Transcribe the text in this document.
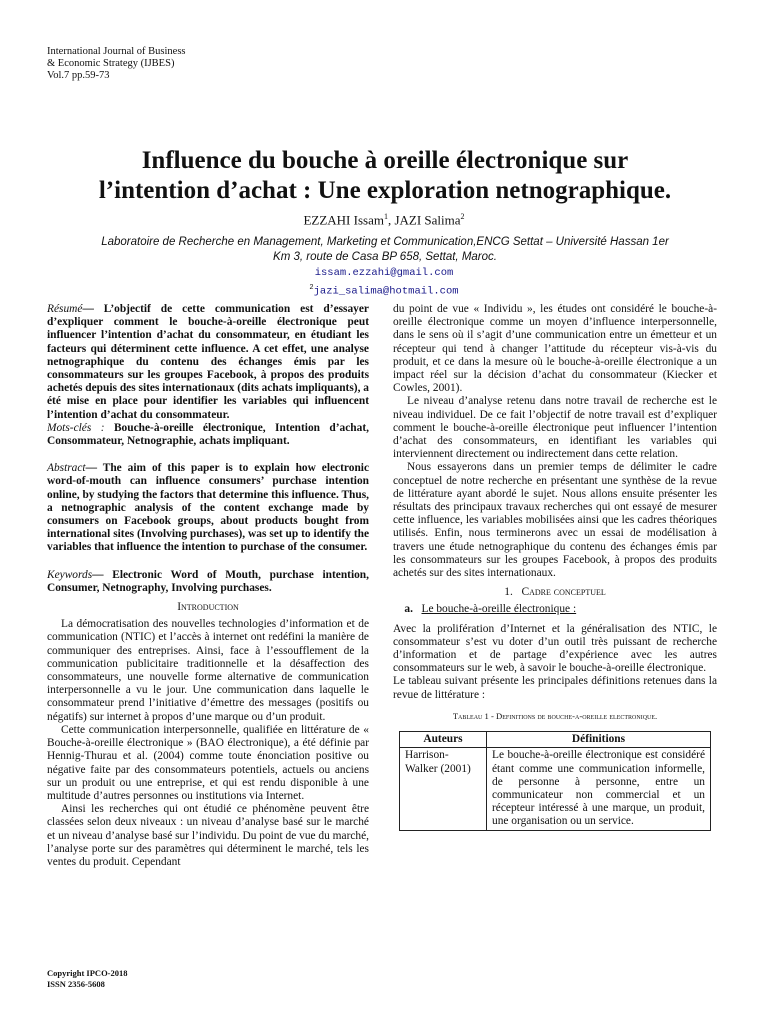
International Journal of Business
& Economic Strategy (IJBES)
Vol.7 pp.59-73
Influence du bouche à oreille électronique sur
l’intention d’achat : Une exploration netnographique.
EZZAHI Issam$^1$, JAZI Salima$^2$
Laboratoire de Recherche en Management, Marketing et Communication,ENCG Settat – Université Hassan 1er
Km 3, route de Casa BP 658, Settat, Maroc.
issam.ezzahi@gmail.com
$^2$jazi_salima@hotmail.com

Résumé— L’objectif de cette communication est d’essayer d’expliquer comment le bouche-à-oreille électronique peut influencer l’intention d’achat du consommateur, en étudiant les facteurs qui déterminent cette influence. A cet effet, une analyse netnographique du contenu des échanges émis par les consommateurs sur les groupes Facebook, à propos des produits achetés depuis des sites internationaux (dits achats impliquants), a été mise en place pour identifier les variables qui influencent l’intention d’achat du consommateur.

Mots-clés : Bouche-à-oreille électronique, Intention d’achat, Consommateur, Netnographie, achats impliquant.

Abstract— The aim of this paper is to explain how electronic word-of-mouth can influence consumers’ purchase intention online, by studying the factors that determine this influence. Thus, a netnographic analysis of the content exchange made by consumers on Facebook groups, about products bought from international sites (Involving purchases), was set up to identify the variables that influence the intention to purchase of the consumer.

Keywords— Electronic Word of Mouth, purchase intention, Consumer, Netnography, Involving purchases.

Introduction

La démocratisation des nouvelles technologies d’information et de communication (NTIC) et l’accès à internet ont redéfini la manière de communiquer des entreprises. Ainsi, face à l’essoufflement de la communication publicitaire traditionnelle et la désaffection des consommateurs, une nouvelle forme alternative de communication interpersonnelle a vu le jour. Une communication dans laquelle le consommateur prend l’initiative d’émettre des messages (positifs ou négatifs) sur internet à propos d’une marque ou d’un produit.

Cette communication interpersonnelle, qualifiée en littérature de « Bouche-à-oreille électronique » (BAO électronique), a été définie par Hennig-Thurau et al. (2004) comme toute énonciation positive ou négative faite par des consommateurs potentiels, actuels ou anciens sur un produit ou une entreprise, et qui est rendu disponible à une multitude d’autres personnes ou institutions via Internet.

Ainsi les recherches qui ont étudié ce phénomène peuvent être classées selon deux niveaux : un niveau d’analyse basé sur le marché et un niveau d’analyse basé sur l’individu. Du point de vue du marché, l’analyse porte sur des paramètres qui déterminent le marché, tels les ventes du produit. Cependant

du point de vue « Individu », les études ont considéré le bouche-à-oreille électronique comme un moyen d’influence interpersonnelle, dans le sens où il s’agit d’une communication entre un émetteur et un récepteur qui tend à changer l’attitude du récepteur vis-à-vis du produit, et ce dans la mesure où le bouche-à-oreille électronique a un impact réel sur la décision d’achat du consommateur (Kiecker et Cowles, 2001).

Le niveau d’analyse retenu dans notre travail de recherche est le niveau individuel. De ce fait l’objectif de notre travail est d’expliquer comment le bouche-à-oreille électronique peut influencer l’intention d’achat des consommateurs, en identifiant les variables qui interviennent directement ou indirectement dans cette relation.

Nous essayerons dans un premier temps de délimiter le cadre conceptuel de notre recherche en présentant une synthèse de la revue de littérature ayant abordé le sujet. Nous allons ensuite présenter les résultats des principaux travaux recherches qui ont essayé de mesurer cette influence, les variables mobilisées ainsi que les cadres théoriques utilisés. Enfin, nous terminerons avec un essai de modélisation à travers une étude netnographique du contenu des échanges émis par les consommateurs sur les groupes Facebook, à propos des produits achetés sur des sites internationaux.

1. Cadre conceptuel
a. Le bouche-à-oreille électronique :

Avec la prolifération d’Internet et la généralisation des NTIC, le consommateur s’est vu doter d’un outil très puissant de recherche d’information et de partage d’expérience avec les autres consommateurs sur le web, à savoir le bouche-à-oreille électronique.

Le tableau suivant présente les principales définitions retenues dans la revue de littérature :

Tableau 1 - Definitions de bouche-a-oreille electronique.
Auteurs	Définitions
Harrison-Walker (2001)	Le bouche-à-oreille électronique est considéré étant comme une communication informelle, de personne à personne, entre un communicateur non commercial et un récepteur intéressé à une marque, un produit, une organisation ou un service.
Copyright IPCO-2018
ISSN 2356-5608
